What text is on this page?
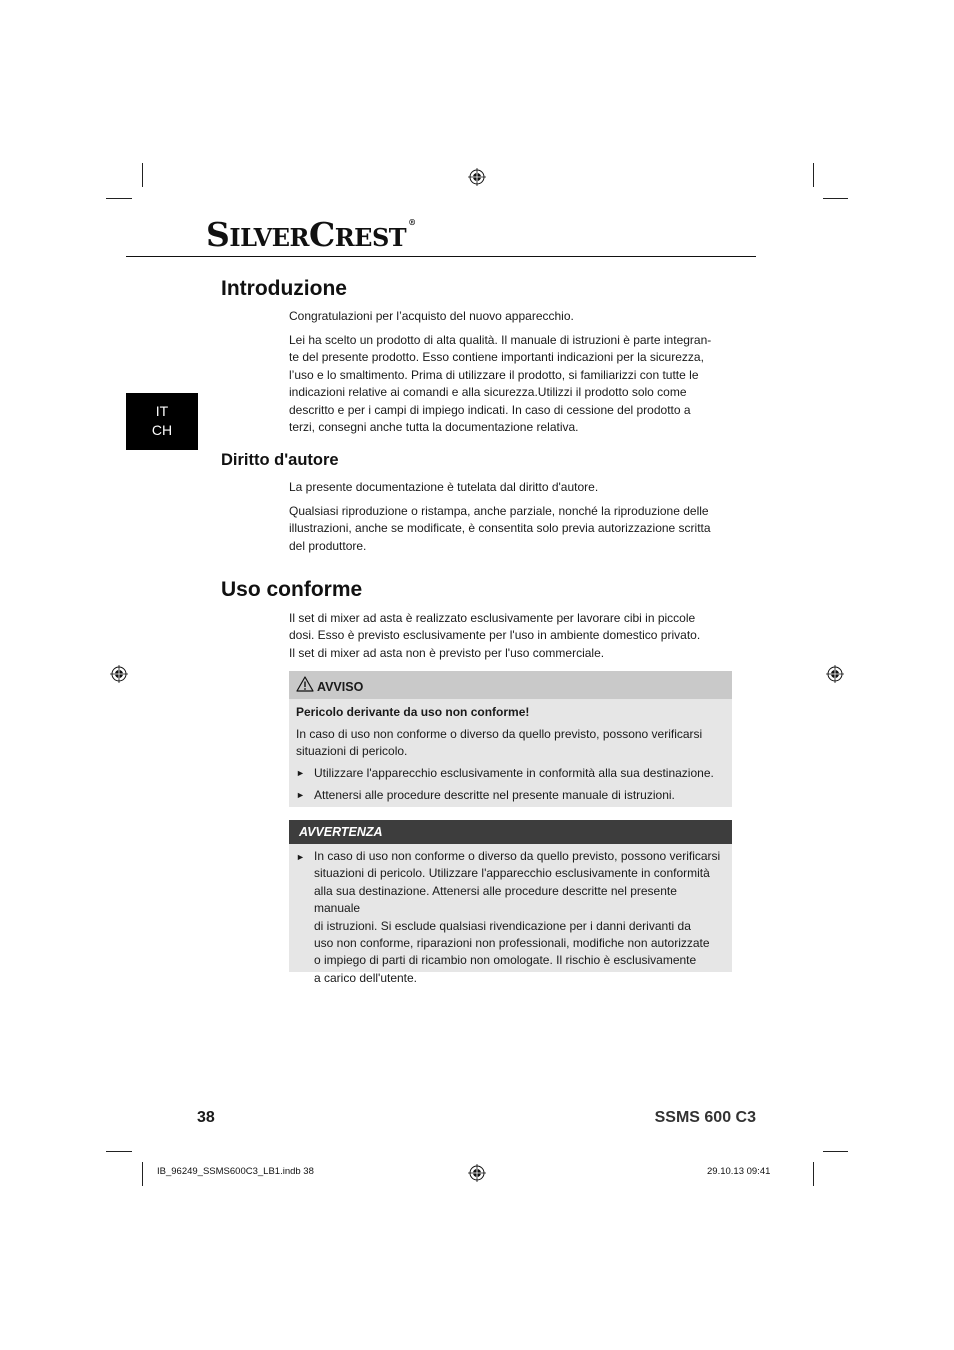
SILVERCREST®
IT
CH
Introduzione

Congratulazioni per l’acquisto del nuovo apparecchio.

Lei ha scelto un prodotto di alta qualità. Il manuale di istruzioni è parte integran-
te del presente prodotto. Esso contiene importanti indicazioni per la sicurezza,
l’uso e lo smaltimento. Prima di utilizzare il prodotto, si familiarizzi con tutte le
indicazioni relative ai comandi e alla sicurezza.Utilizzi il prodotto solo come
descritto e per i campi di impiego indicati. In caso di cessione del prodotto a
terzi, consegni anche tutta la documentazione relativa.
Diritto d'autore

La presente documentazione è tutelata dal diritto d'autore.

Qualsiasi riproduzione o ristampa, anche parziale, nonché la riproduzione delle
illustrazioni, anche se modificate, è consentita solo previa autorizzazione scritta
del produttore.
Uso conforme
Il set di mixer ad asta è realizzato esclusivamente per lavorare cibi in piccole
dosi. Esso è previsto esclusivamente per l'uso in ambiente domestico privato.
Il set di mixer ad asta non è previsto per l'uso commerciale.
AVVISO
Pericolo derivante da uso non conforme!
In caso di uso non conforme o diverso da quello previsto, possono verificarsi
situazioni di pericolo.
► Utilizzare l'apparecchio esclusivamente in conformità alla sua destinazione.
► Attenersi alle procedure descritte nel presente manuale di istruzioni.
AVVERTENZA
► In caso di uso non conforme o diverso da quello previsto, possono verificarsi
situazioni di pericolo. Utilizzare l'apparecchio esclusivamente in conformità
alla sua destinazione. Attenersi alle procedure descritte nel presente manuale
di istruzioni. Si esclude qualsiasi rivendicazione per i danni derivanti da
uso non conforme, riparazioni non professionali, modifiche non autorizzate
o impiego di parti di ricambio non omologate. Il rischio è esclusivamente
a carico dell'utente.
38	SSMS 600 C3
IB_96249_SSMS600C3_LB1.indb 38	29.10.13 09:41
